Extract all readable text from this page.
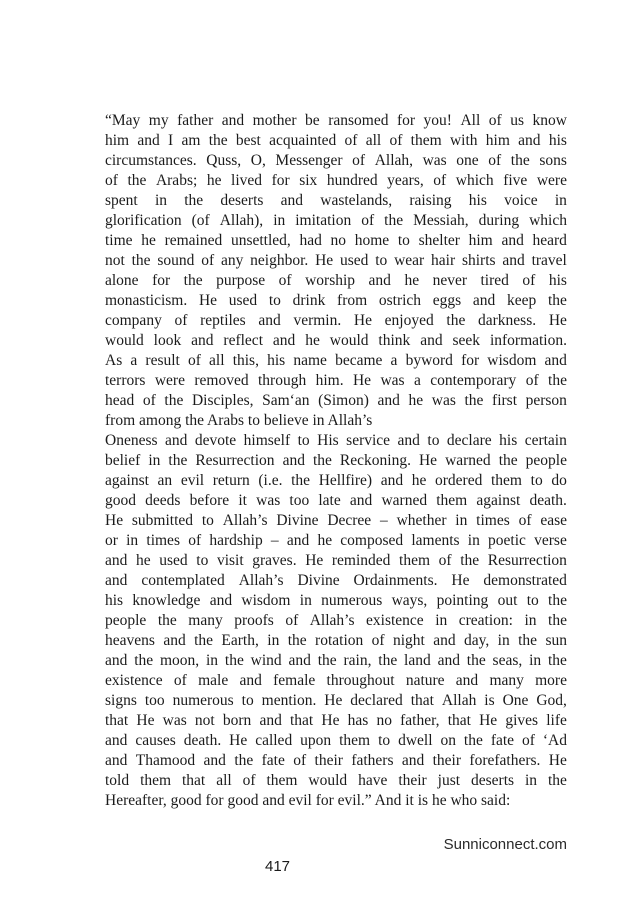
“May my father and mother be ransomed for you! All of us know
him and I am the best acquainted of all of them with him and his
circumstances. Quss, O, Messenger of Allah, was one of the sons
of the Arabs; he lived for six hundred years, of which five were
spent in the deserts and wastelands, raising his voice in
glorification (of Allah), in imitation of the Messiah, during which
time he remained unsettled, had no home to shelter him and heard
not the sound of any neighbor. He used to wear hair shirts and travel
alone for the purpose of worship and he never tired of his
monasticism. He used to drink from ostrich eggs and keep the
company of reptiles and vermin. He enjoyed the darkness. He
would look and reflect and he would think and seek information.
As a result of all this, his name became a byword for wisdom and
terrors were removed through him. He was a contemporary of the
head of the Disciples, Sam‘an (Simon) and he was the first person
from among the Arabs to believe in Allah’s
Oneness and devote himself to His service and to declare his certain
belief in the Resurrection and the Reckoning. He warned the people
against an evil return (i.e. the Hellfire) and he ordered them to do
good deeds before it was too late and warned them against death.
He submitted to Allah’s Divine Decree – whether in times of ease
or in times of hardship – and he composed laments in poetic verse
and he used to visit graves. He reminded them of the Resurrection
and contemplated Allah’s Divine Ordainments. He demonstrated
his knowledge and wisdom in numerous ways, pointing out to the
people the many proofs of Allah’s existence in creation: in the
heavens and the Earth, in the rotation of night and day, in the sun
and the moon, in the wind and the rain, the land and the seas, in the
existence of male and female throughout nature and many more
signs too numerous to mention. He declared that Allah is One God,
that He was not born and that He has no father, that He gives life
and causes death. He called upon them to dwell on the fate of ‘Ad
and Thamood and the fate of their fathers and their forefathers. He
told them that all of them would have their just deserts in the
Hereafter, good for good and evil for evil.” And it is he who said:
Sunniconnect.com
417
